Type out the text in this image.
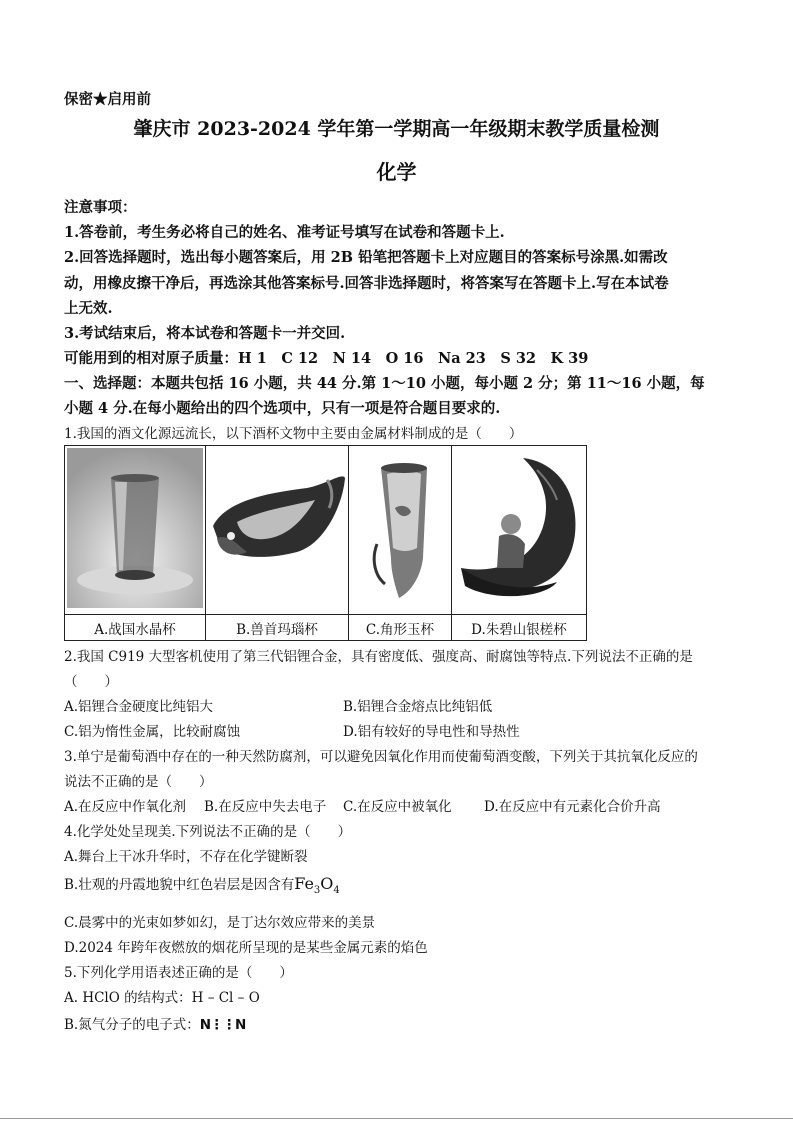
保密★启用前
肇庆市 2023-2024 学年第一学期高一年级期末教学质量检测
化学
注意事项：
1.答卷前，考生务必将自己的姓名、准考证号填写在试卷和答题卡上.
2.回答选择题时，选出每小题答案后，用 2B 铅笔把答题卡上对应题目的答案标号涂黑.如需改
动，用橡皮擦干净后，再选涂其他答案标号.回答非选择题时，将答案写在答题卡上.写在本试卷
上无效.
3.考试结束后，将本试卷和答题卡一并交回.
可能用到的相对原子质量：H 1　C 12　N 14　O 16　Na 23　S 32　K 39
一、选择题：本题共包括 16 小题，共 44 分.第 1～10 小题，每小题 2 分；第 11～16 小题，每
小题 4 分.在每小题给出的四个选项中，只有一项是符合题目要求的.
1.我国的酒文化源远流长，以下酒杯文物中主要由金属材料制成的是（　　）

A.战国水晶杯	B.兽首玛瑙杯	C.角形玉杯	D.朱碧山银槎杯
2.我国 C919 大型客机使用了第三代铝锂合金，具有密度低、强度高、耐腐蚀等特点.下列说法不正确的是
（　　）
A.铝锂合金硬度比纯铝大	B.铝锂合金熔点比纯铝低
C.铝为惰性金属，比较耐腐蚀	D.铝有较好的导电性和导热性
3.单宁是葡萄酒中存在的一种天然防腐剂，可以避免因氧化作用而使葡萄酒变酸，下列关于其抗氧化反应的
说法不正确的是（　　）
A.在反应中作氧化剂 B.在反应中失去电子 C.在反应中被氧化 D.在反应中有元素化合价升高
4.化学处处呈现美.下列说法不正确的是（　　）
A.舞台上干冰升华时，不存在化学键断裂
B.壮观的丹霞地貌中红色岩层是因含有$Fe_3O_4$
C.晨雾中的光束如梦如幻，是丁达尔效应带来的美景
D.2024 年跨年夜燃放的烟花所呈现的是某些金属元素的焰色
5.下列化学用语表述正确的是（　　）
A. HClO 的结构式：H – Cl – O
B.氮气分子的电子式：N⋮⋮N
